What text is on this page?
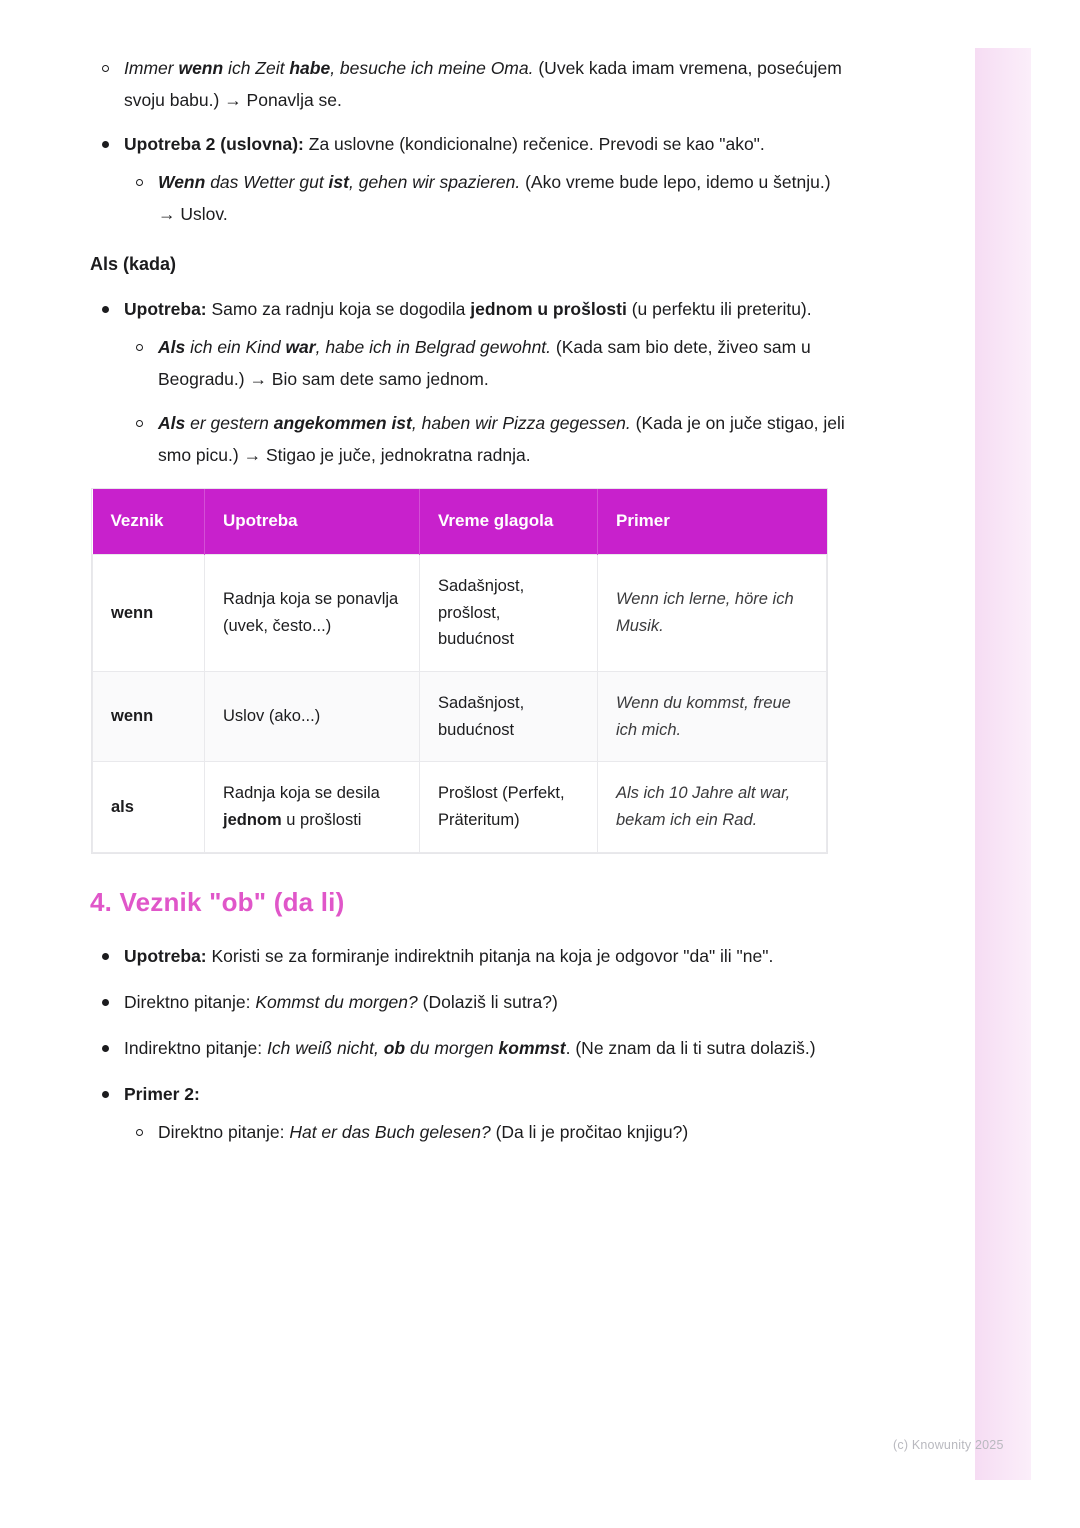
Immer wenn ich Zeit habe, besuche ich meine Oma. (Uvek kada imam vremena, posećujem svoju babu.) → Ponavlja se.
Upotreba 2 (uslovna): Za uslovne (kondicionalne) rečenice. Prevodi se kao "ako".
Wenn das Wetter gut ist, gehen wir spazieren. (Ako vreme bude lepo, idemo u šetnju.) → Uslov.
Als (kada)
Upotreba: Samo za radnju koja se dogodila jednom u prošlosti (u perfektu ili preteritu).
Als ich ein Kind war, habe ich in Belgrad gewohnt. (Kada sam bio dete, živeo sam u Beogradu.) → Bio sam dete samo jednom.
Als er gestern angekommen ist, haben wir Pizza gegessen. (Kada je on juče stigao, jeli smo picu.) → Stigao je juče, jednokratna radnja.
Veznik	Upotreba	Vreme glagola	Primer
wenn	Radnja koja se ponavlja (uvek, često...)	Sadašnjost, prošlost, budućnost	Wenn ich lerne, höre ich Musik.
wenn	Uslov (ako...)	Sadašnjost, budućnost	Wenn du kommst, freue ich mich.
als	Radnja koja se desila jednom u prošlosti	Prošlost (Perfekt, Präteritum)	Als ich 10 Jahre alt war, bekam ich ein Rad.
4. Veznik "ob" (da li)
Upotreba: Koristi se za formiranje indirektnih pitanja na koja je odgovor "da" ili "ne".
Direktno pitanje: Kommst du morgen? (Dolaziš li sutra?)
Indirektno pitanje: Ich weiß nicht, ob du morgen kommst. (Ne znam da li ti sutra dolaziš.)
Primer 2:
Direktno pitanje: Hat er das Buch gelesen? (Da li je pročitao knjigu?)
(c) Knowunity 2025
